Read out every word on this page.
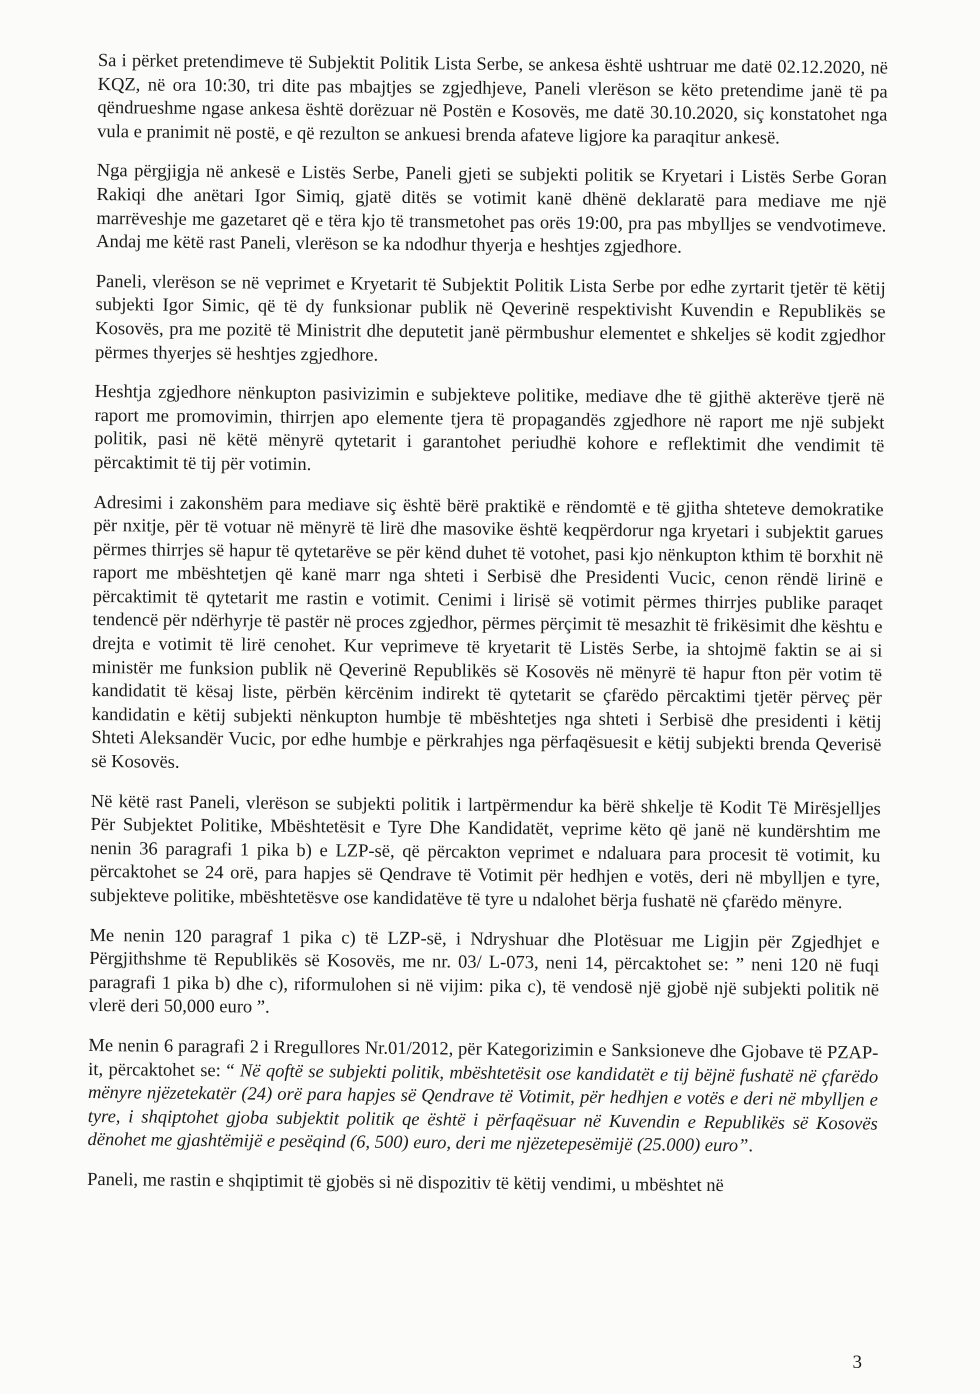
Sa i përket pretendimeve të Subjektit Politik Lista Serbe, se ankesa është ushtruar me datë 02.12.2020, në KQZ, në ora 10:30, tri dite pas mbajtjes se zgjedhjeve, Paneli vlerëson se këto pretendime janë të pa qëndrueshme ngase ankesa është dorëzuar në Postën e Kosovës, me datë 30.10.2020, siç konstatohet nga vula e pranimit në postë, e që rezulton se ankuesi brenda afateve ligjore ka paraqitur ankesë.

Nga përgjigja në ankesë e Listës Serbe, Paneli gjeti se subjekti politik se Kryetari i Listës Serbe Goran Rakiqi dhe anëtari Igor Simiq, gjatë ditës se votimit kanë dhënë deklaratë para mediave me një marrëveshje me gazetaret që e tëra kjo të transmetohet pas orës 19:00, pra pas mbylljes se vendvotimeve. Andaj me këtë rast Paneli, vlerëson se ka ndodhur thyerja e heshtjes zgjedhore.

Paneli, vlerëson se në veprimet e Kryetarit të Subjektit Politik Lista Serbe por edhe zyrtarit tjetër të këtij subjekti Igor Simic, që të dy funksionar publik në Qeverinë respektivisht Kuvendin e Republikës se Kosovës, pra me pozitë të Ministrit dhe deputetit janë përmbushur elementet e shkeljes së kodit zgjedhor përmes thyerjes së heshtjes zgjedhore.

Heshtja zgjedhore nënkupton pasivizimin e subjekteve politike, mediave dhe të gjithë akterëve tjerë në raport me promovimin, thirrjen apo elemente tjera të propagandës zgjedhore në raport me një subjekt politik, pasi në këtë mënyrë qytetarit i garantohet periudhë kohore e reflektimit dhe vendimit të përcaktimit të tij për votimin.

Adresimi i zakonshëm para mediave siç është bërë praktikë e rëndomtë e të gjitha shteteve demokratike për nxitje, për të votuar në mënyrë të lirë dhe masovike është keqpërdorur nga kryetari i subjektit garues përmes thirrjes së hapur të qytetarëve se për kënd duhet të votohet, pasi kjo nënkupton kthim të borxhit në raport me mbështetjen që kanë marr nga shteti i Serbisë dhe Presidenti Vucic, cenon rëndë lirinë e përcaktimit të qytetarit me rastin e votimit. Cenimi i lirisë së votimit përmes thirrjes publike paraqet tendencë për ndërhyrje të pastër në proces zgjedhor, përmes përçimit të mesazhit të frikësimit dhe kështu e drejta e votimit të lirë cenohet. Kur veprimeve të kryetarit të Listës Serbe, ia shtojmë faktin se ai si ministër me funksion publik në Qeverinë Republikës së Kosovës në mënyrë të hapur fton për votim të kandidatit të kësaj liste, përbën kërcënim indirekt të qytetarit se çfarëdo përcaktimi tjetër përveç për kandidatin e këtij subjekti nënkupton humbje të mbështetjes nga shteti i Serbisë dhe presidenti i këtij Shteti Aleksandër Vucic, por edhe humbje e përkrahjes nga përfaqësuesit e këtij subjekti brenda Qeverisë së Kosovës.

Në këtë rast Paneli, vlerëson se subjekti politik i lartpërmendur ka bërë shkelje të Kodit Të Mirësjelljes Për Subjektet Politike, Mbështetësit e Tyre Dhe Kandidatët, veprime këto që janë në kundërshtim me nenin 36 paragrafi 1 pika b) e LZP-së, që përcakton veprimet e ndaluara para procesit të votimit, ku përcaktohet se 24 orë, para hapjes së Qendrave të Votimit për hedhjen e votës, deri në mbylljen e tyre, subjekteve politike, mbështetësve ose kandidatëve të tyre u ndalohet bërja fushatë në çfarëdo mënyre.

Me nenin 120 paragraf 1 pika c) të LZP-së, i Ndryshuar dhe Plotësuar me Ligjin për Zgjedhjet e Përgjithshme të Republikës së Kosovës, me nr. 03/ L-073, neni 14, përcaktohet se: ” neni 120 në fuqi paragrafi 1 pika b) dhe c), riformulohen si në vijim: pika c), të vendosë një gjobë një subjekti politik në vlerë deri 50,000 euro ”.

Me nenin 6 paragrafi 2 i Rregullores Nr.01/2012, për Kategorizimin e Sanksioneve dhe Gjobave të PZAP-it, përcaktohet se: “ Në qoftë se subjekti politik, mbështetësit ose kandidatët e tij bëjnë fushatë në çfarëdo mënyre njëzetekatër (24) orë para hapjes së Qendrave të Votimit, për hedhjen e votës e deri në mbylljen e tyre, i shqiptohet gjoba subjektit politik qe është i përfaqësuar në Kuvendin e Republikës së Kosovës dënohet me gjashtëmijë e pesëqind (6, 500) euro, deri me njëzetepesëmijë (25.000) euro”.

Paneli, me rastin e shqiptimit të gjobës si në dispozitiv të këtij vendimi, u mbështet në

3
